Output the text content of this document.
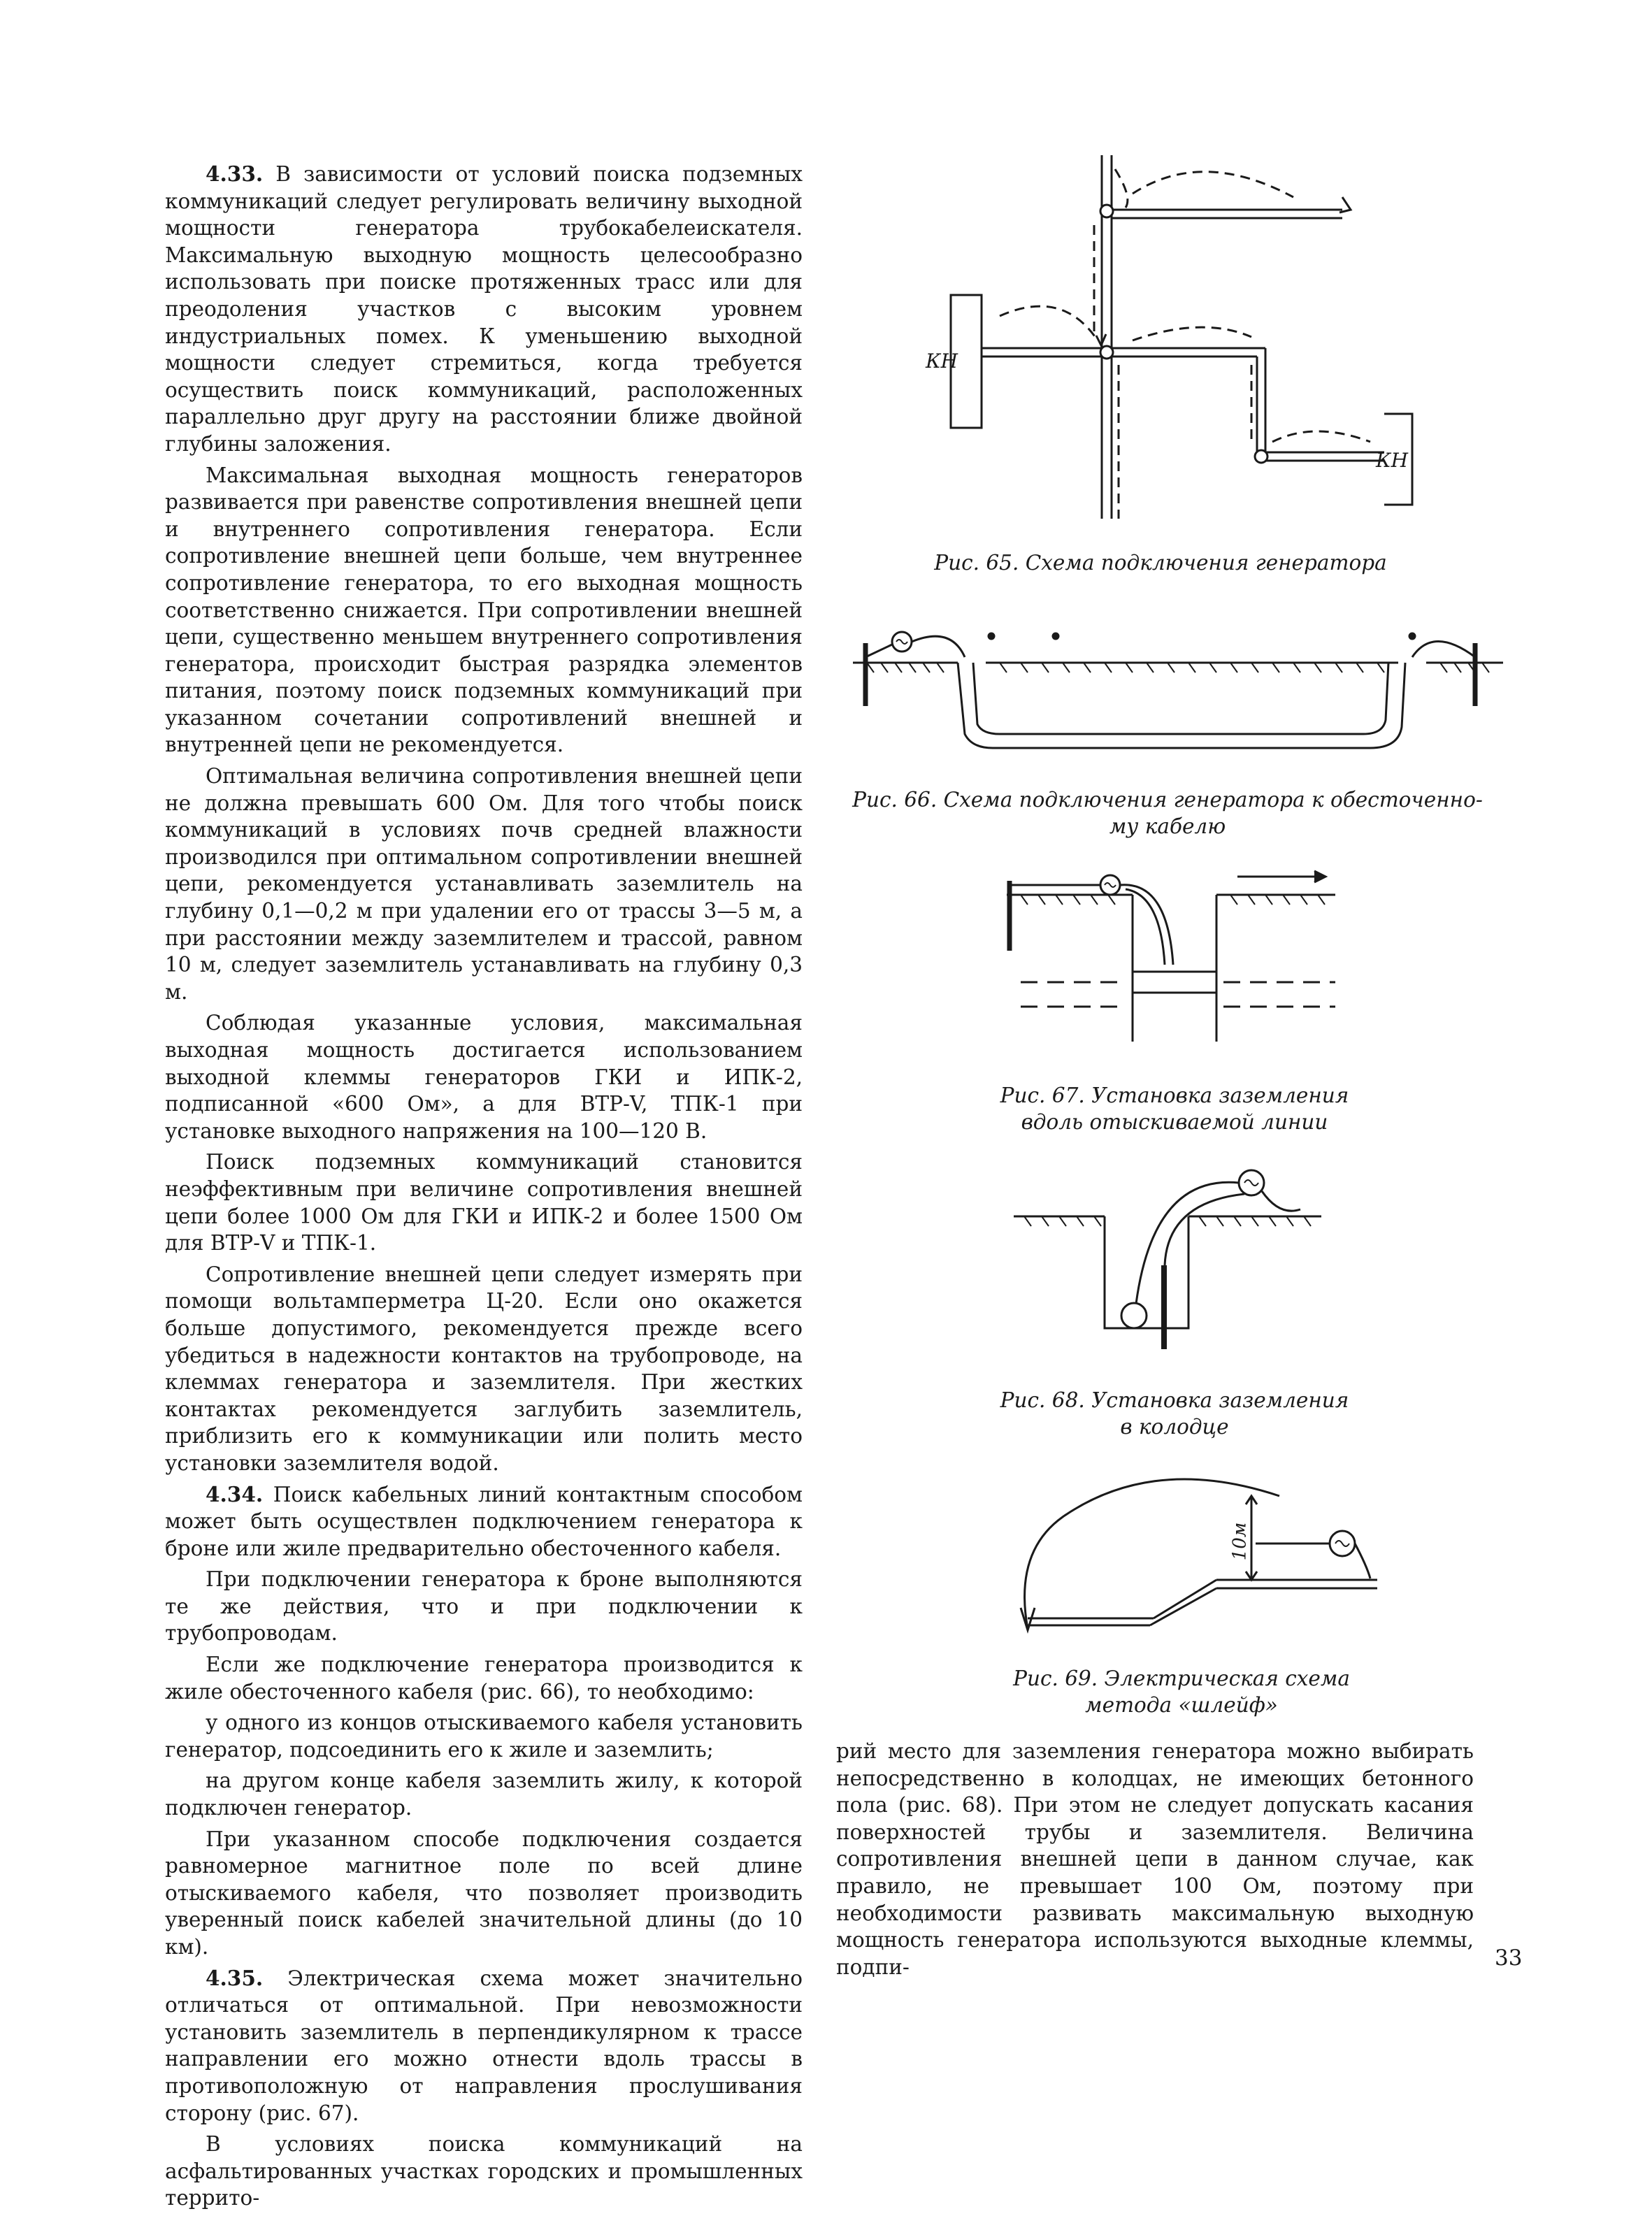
4.33. В зависимости от условий поиска подземных коммуникаций следует регулировать величину выходной мощности генератора трубокабелеискателя. Максимальную выходную мощность целесообразно использовать при поиске протяженных трасс или для преодоления участков с высоким уровнем индустриальных помех. К уменьшению выходной мощности следует стремиться, когда требуется осуществить поиск коммуникаций, расположенных параллельно друг другу на расстоянии ближе двойной глубины заложения.

Максимальная выходная мощность генераторов развивается при равенстве сопротивления внешней цепи и внутреннего сопротивления генератора. Если сопротивление внешней цепи больше, чем внутреннее сопротивление генератора, то его выходная мощность соответственно снижается. При сопротивлении внешней цепи, существенно меньшем внутреннего сопротивления генератора, происходит быстрая разрядка элементов питания, поэтому поиск подземных коммуникаций при указанном сочетании сопротивлений внешней и внутренней цепи не рекомендуется.

Оптимальная величина сопротивления внешней цепи не должна превышать 600 Ом. Для того чтобы поиск коммуникаций в условиях почв средней влажности производился при оптимальном сопротивлении внешней цепи, рекомендуется устанавливать заземлитель на глубину 0,1—0,2 м при удалении его от трассы 3—5 м, а при расстоянии между заземлителем и трассой, равном 10 м, следует заземлитель устанавливать на глубину 0,3 м.

Соблюдая указанные условия, максимальная выходная мощность достигается использованием выходной клеммы генераторов ГКИ и ИПК-2, подписанной «600 Ом», а для ВТР-V, ТПК-1 при установке выходного напряжения на 100—120 В.

Поиск подземных коммуникаций становится неэффективным при величине сопротивления внешней цепи более 1000 Ом для ГКИ и ИПК-2 и более 1500 Ом для ВТР-V и ТПК-1.

Сопротивление внешней цепи следует измерять при помощи вольтамперметра Ц-20. Если оно окажется больше допустимого, рекомендуется прежде всего убедиться в надежности контактов на трубопроводе, на клеммах генератора и заземлителя. При жестких контактах рекомендуется заглубить заземлитель, приблизить его к коммуникации или полить место установки заземлителя водой.

4.34. Поиск кабельных линий контактным способом может быть осуществлен подключением генератора к броне или жиле предварительно обесточенного кабеля.

При подключении генератора к броне выполняются те же действия, что и при подключении к трубопроводам.

Если же подключение генератора производится к жиле обесточенного кабеля (рис. 66), то необходимо:

у одного из концов отыскиваемого кабеля установить генератор, подсоединить его к жиле и заземлить;

на другом конце кабеля заземлить жилу, к которой подключен генератор.

При указанном способе подключения создается равномерное магнитное поле по всей длине отыскиваемого кабеля, что позволяет производить уверенный поиск кабелей значительной длины (до 10 км).

4.35. Электрическая схема может значительно отличаться от оптимальной. При невозможности установить заземлитель в перпендикулярном к трассе направлении его можно отнести вдоль трассы в противоположную от направления прослушивания сторону (рис. 67).

В условиях поиска коммуникаций на асфальтированных участках городских и промышленных террито-

рий место для заземления генератора можно выбирать непосредственно в колодцах, не имеющих бетонного пола (рис. 68). При этом не следует допускать касания поверхностей трубы и заземлителя. Величина сопротивления внешней цепи в данном случае, как правило, не превышает 100 Ом, поэтому при необходимости развивать максимальную выходную мощность генератора используются выходные клеммы, подпи-

КН
КН
Рис. 65. Схема подключения генератора
Рис. 66. Схема подключения генератора к обесточенно-
му кабелю
Рис. 67. Установка заземления
вдоль отыскиваемой линии
Рис. 68. Установка заземления
в колодце
10м
Рис. 69. Электрическая схема
метода «шлейф»
33
